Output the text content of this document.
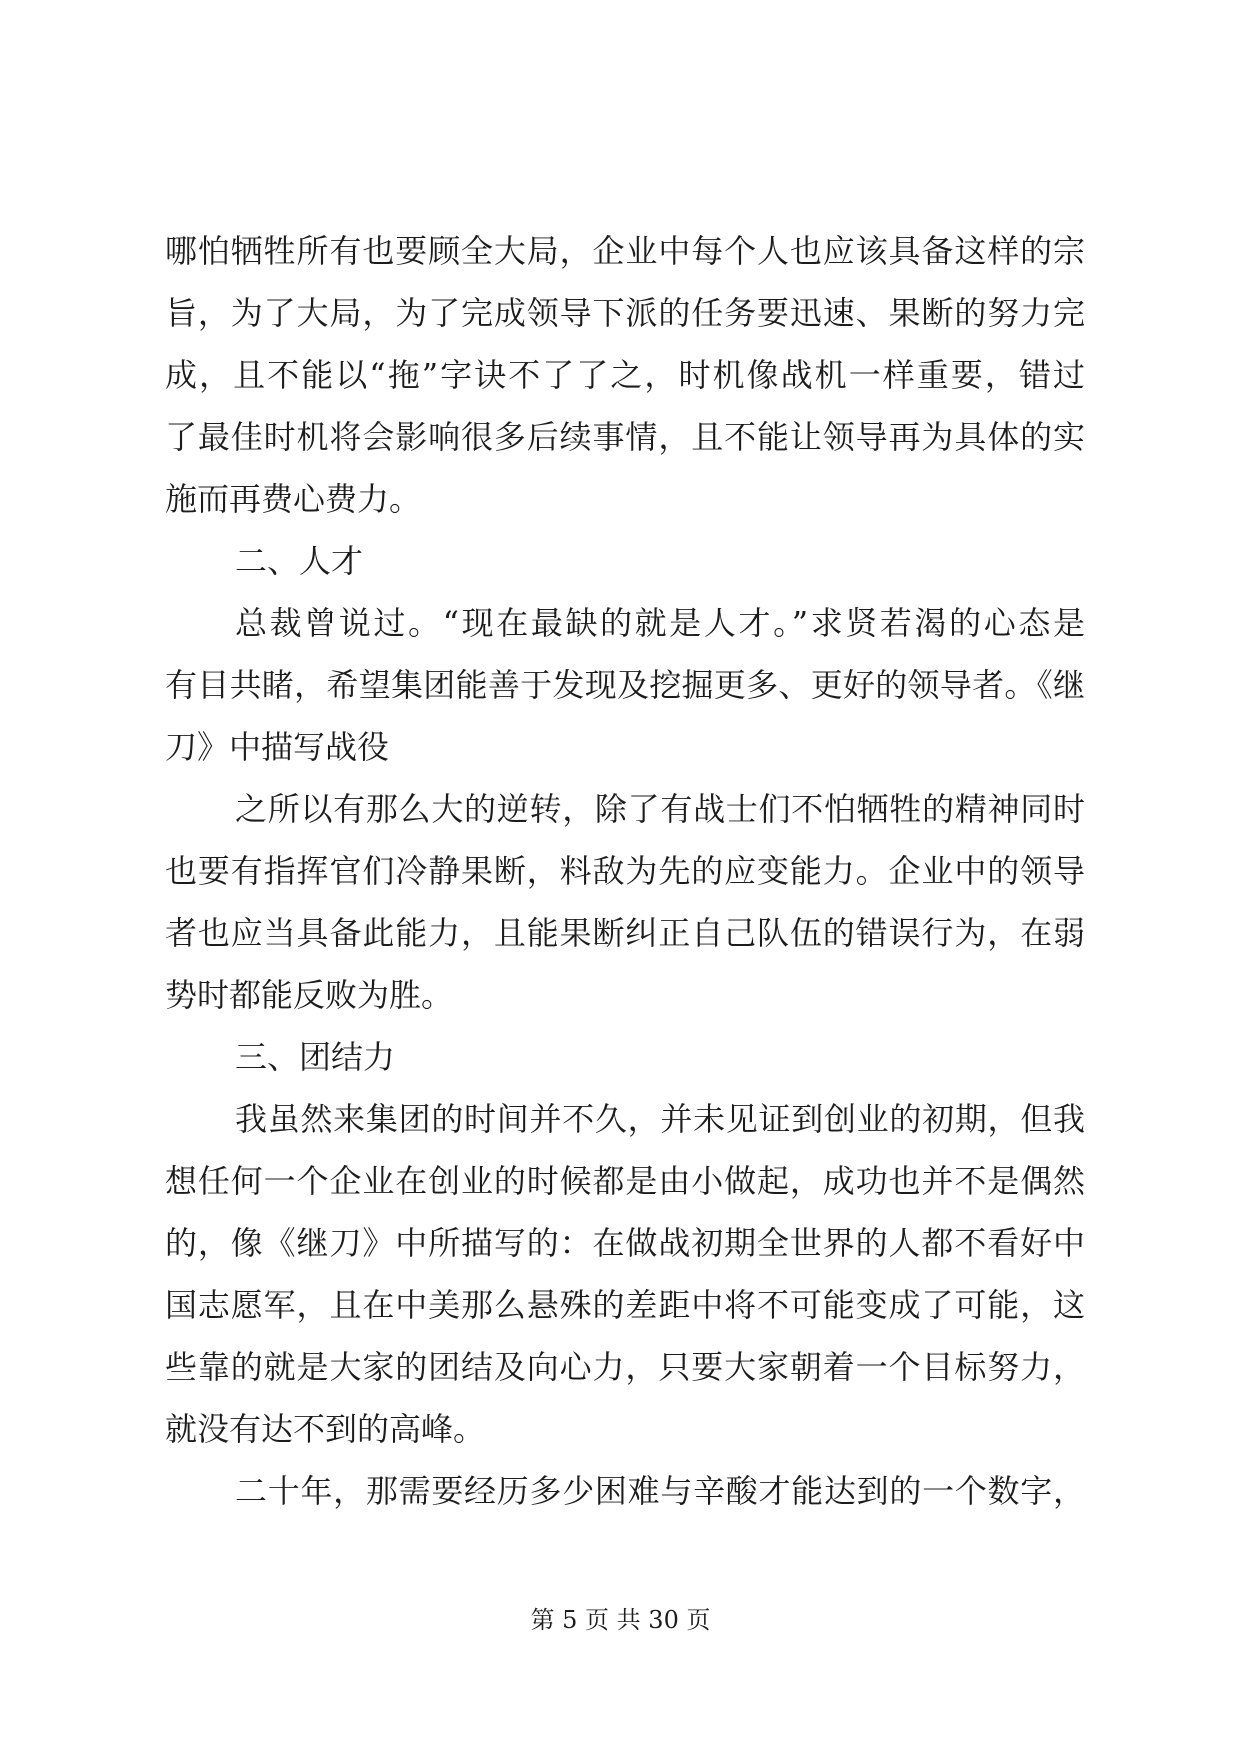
哪怕牺牲所有也要顾全大局，企业中每个人也应该具备这样的宗
旨，为了大局，为了完成领导下派的任务要迅速、果断的努力完
成，且不能以“拖”字诀不了了之，时机像战机一样重要，错过
了最佳时机将会影响很多后续事情，且不能让领导再为具体的实
施而再费心费力。
二、人才
总裁曾说过。“现在最缺的就是人才。”求贤若渴的心态是
有目共睹，希望集团能善于发现及挖掘更多、更好的领导者。《继
刀》中描写战役
之所以有那么大的逆转，除了有战士们不怕牺牲的精神同时
也要有指挥官们冷静果断，料敌为先的应变能力。企业中的领导
者也应当具备此能力，且能果断纠正自己队伍的错误行为，在弱
势时都能反败为胜。
三、团结力
我虽然来集团的时间并不久，并未见证到创业的初期，但我
想任何一个企业在创业的时候都是由小做起，成功也并不是偶然
的，像《继刀》中所描写的：在做战初期全世界的人都不看好中
国志愿军，且在中美那么悬殊的差距中将不可能变成了可能，这
些靠的就是大家的团结及向心力，只要大家朝着一个目标努力，
就没有达不到的高峰。
二十年，那需要经历多少困难与辛酸才能达到的一个数字，
第 5 页 共 30 页
